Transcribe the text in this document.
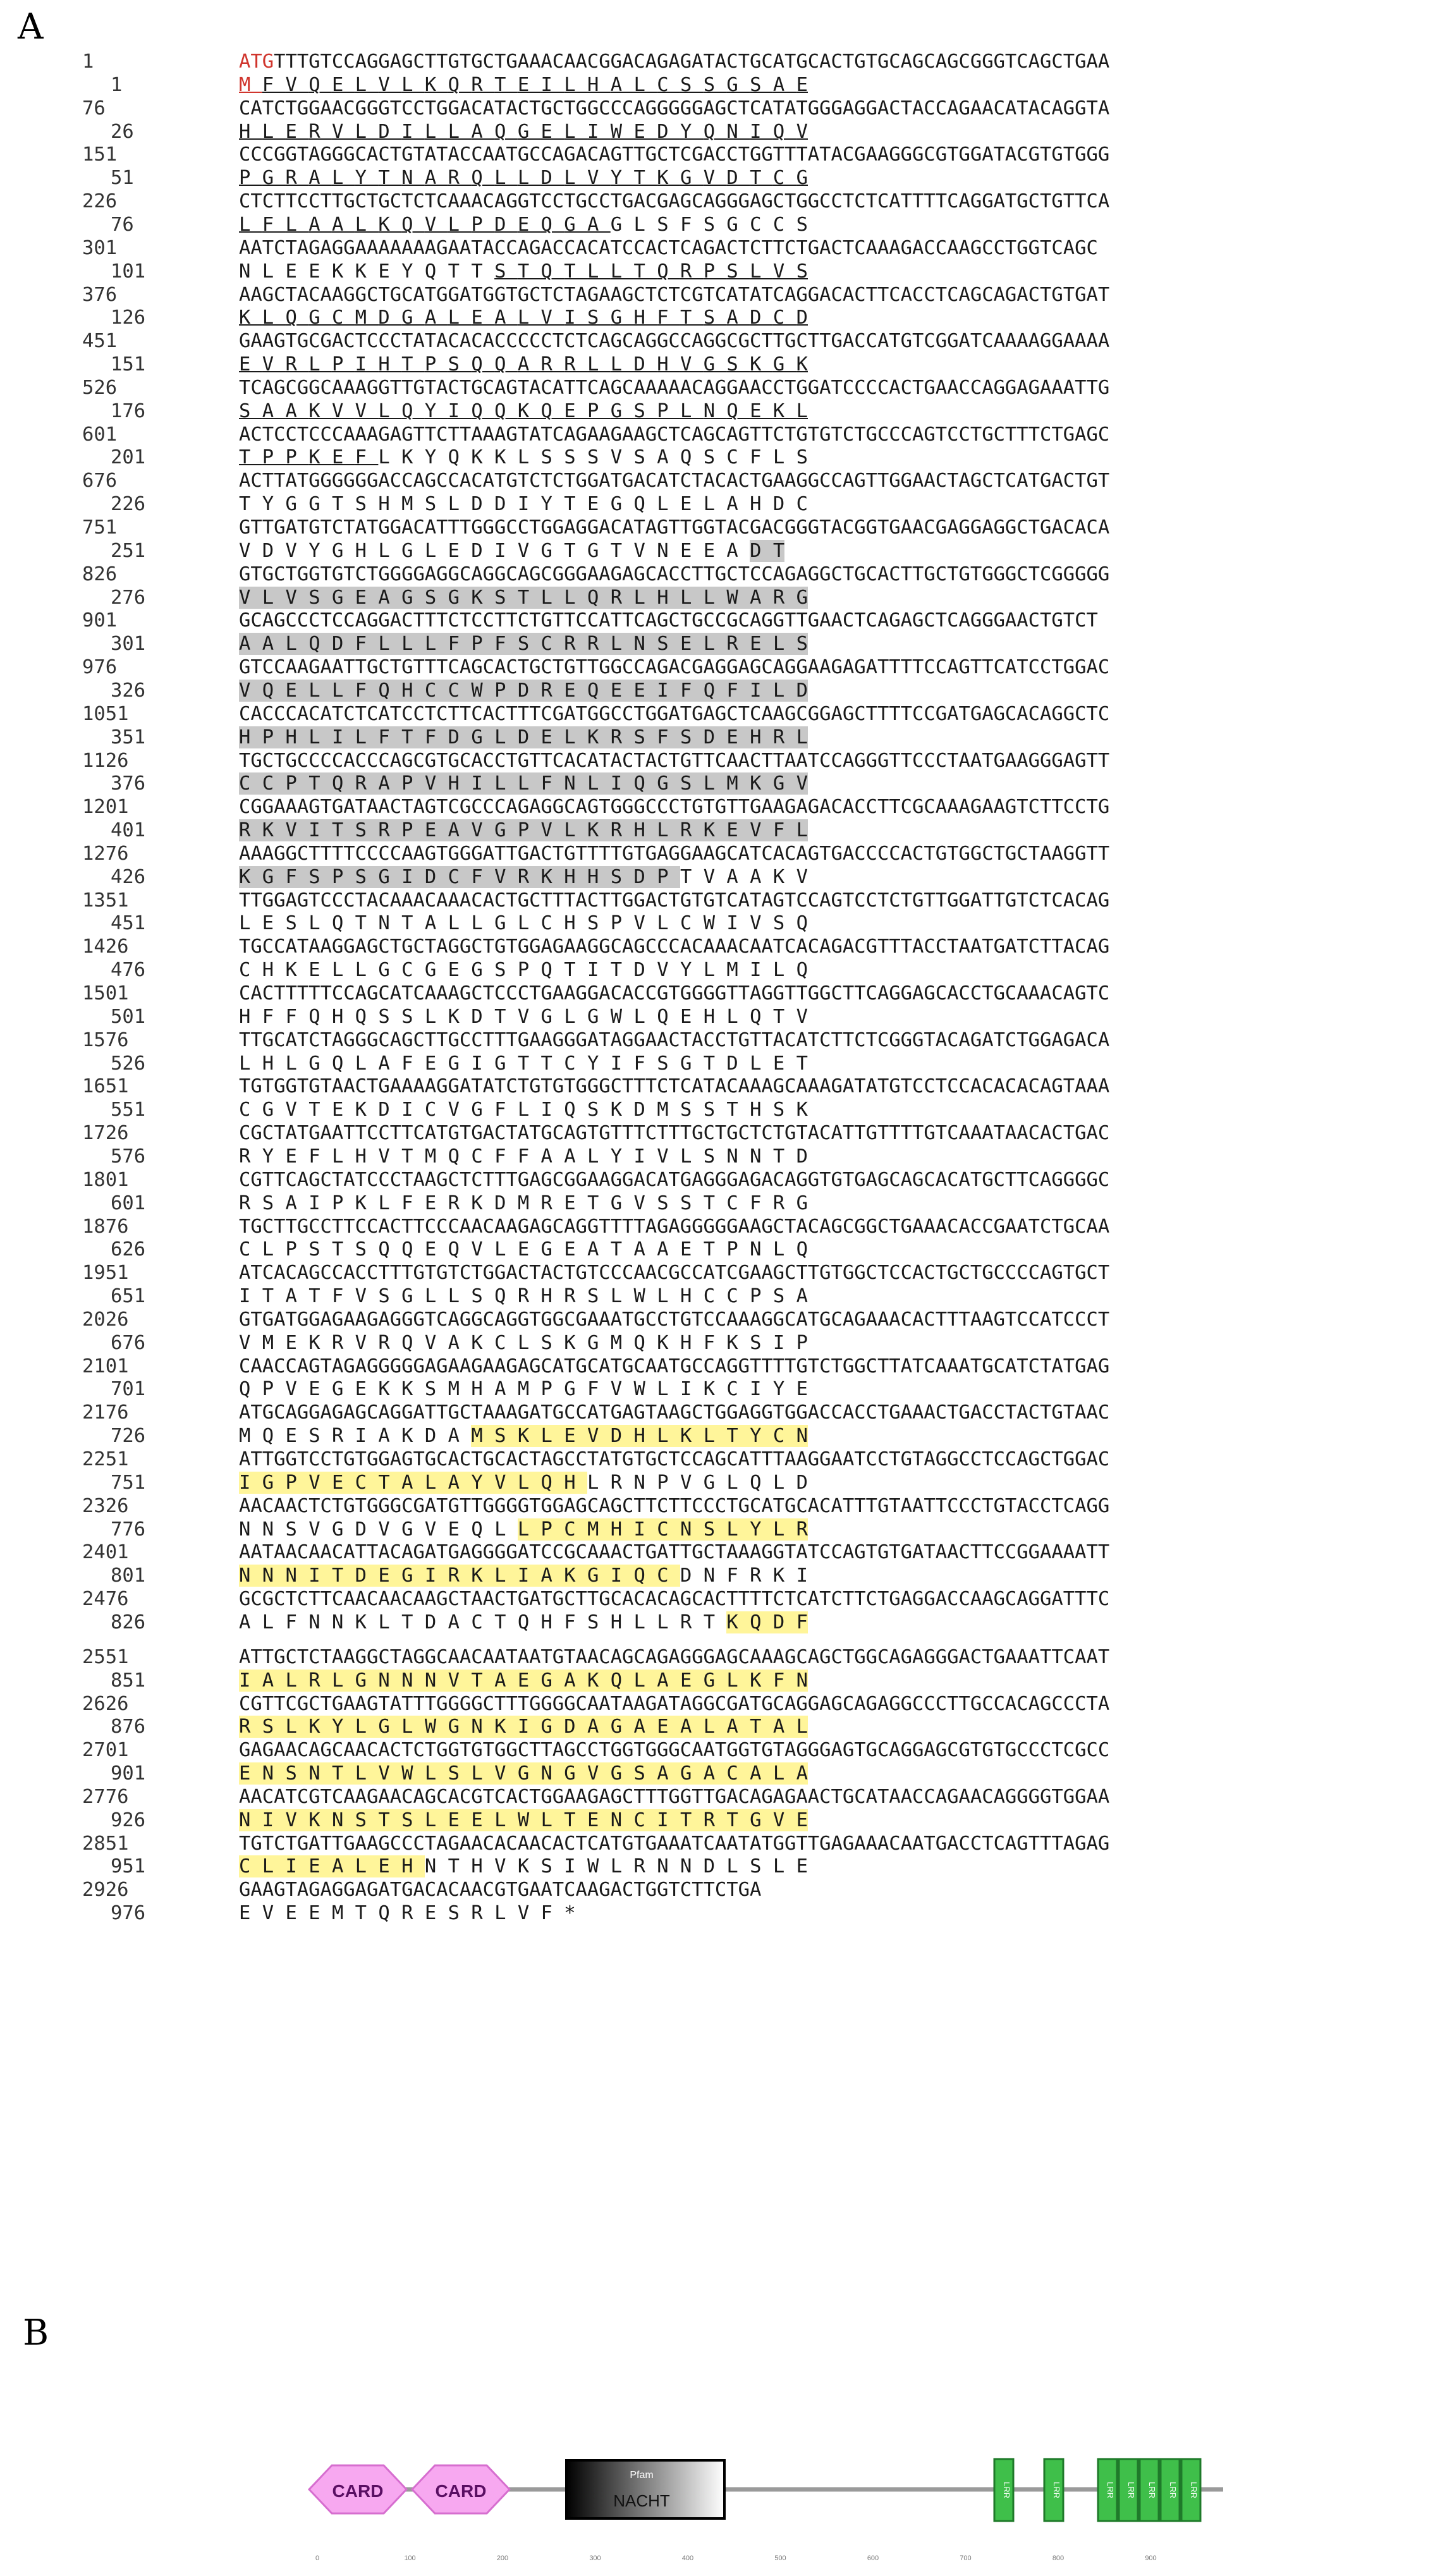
A
1	ATGTTTGTCCAGGAGCTTGTGCTGAAACAACGGACAGAGATACTGCATGCACTGTGCAGCAGCGGGTCAGCTGAA
1	M F V Q E L V L K Q R T E I L H A L C S S G S A E
76	CATCTGGAACGGGTCCTGGACATACTGCTGGCCCAGGGGGAGCTCATATGGGAGGACTACCAGAACATACAGGTA
26	H L E R V L D I L L A Q G E L I W E D Y Q N I Q V
151	CCCGGTAGGGCACTGTATACCAATGCCAGACAGTTGCTCGACCTGGTTTATACGAAGGGCGTGGATACGTGTGGG
51	P G R A L Y T N A R Q L L D L V Y T K G V D T C G
226	CTCTTCCTTGCTGCTCTCAAACAGGTCCTGCCTGACGAGCAGGGAGCTGGCCTCTCATTTTCAGGATGCTGTTCA
76	L F L A A L K Q V L P D E Q G A G L S F S G C C S
301	AATCTAGAGGAAAAAAAGAATACCAGACCACATCCACTCAGACTCTTCTGACTCAAAGACCAAGCCTGGTCAGC
101	N L E E K K E Y Q T T S T Q T L L T Q R P S L V S
376	AAGCTACAAGGCTGCATGGATGGTGCTCTAGAAGCTCTCGTCATATCAGGACACTTCACCTCAGCAGACTGTGAT
126	K L Q G C M D G A L E A L V I S G H F T S A D C D
451	GAAGTGCGACTCCCTATACACACCCCCTCTCAGCAGGCCAGGCGCTTGCTTGACCATGTCGGATCAAAAGGAAAA
151	E V R L P I H T P S Q Q A R R L L D H V G S K G K
526	TCAGCGGCAAAGGTTGTACTGCAGTACATTCAGCAAAAACAGGAACCTGGATCCCCACTGAACCAGGAGAAATTG
176	S A A K V V L Q Y I Q Q K Q E P G S P L N Q E K L
601	ACTCCTCCCAAAGAGTTCTTAAAGTATCAGAAGAAGCTCAGCAGTTCTGTGTCTGCCCAGTCCTGCTTTCTGAGC
201	T P P K E F L K Y Q K K L S S S V S A Q S C F L S
676	ACTTATGGGGGGACCAGCCACATGTCTCTGGATGACATCTACACTGAAGGCCAGTTGGAACTAGCTCATGACTGT
226	T Y G G T S H M S L D D I Y T E G Q L E L A H D C
751	GTTGATGTCTATGGACATTTGGGCCTGGAGGACATAGTTGGTACGACGGGTACGGTGAACGAGGAGGCTGACACA
251	V D V Y G H L G L E D I V G T G T V N E E A D T
826	GTGCTGGTGTCTGGGGAGGCAGGCAGCGGGAAGAGCACCTTGCTCCAGAGGCTGCACTTGCTGTGGGCTCGGGGG
276	V L V S G E A G S G K S T L L Q R L H L L W A R G
901	GCAGCCCTCCAGGACTTTCTCCTTCTGTTCCATTCAGCTGCCGCAGGTTGAACTCAGAGCTCAGGGAACTGTCT
301	A A L Q D F L L L F P F S C R R L N S E L R E L S
976	GTCCAAGAATTGCTGTTTCAGCACTGCTGTTGGCCAGACGAGGAGCAGGAAGAGATTTTCCAGTTCATCCTGGAC
326	V Q E L L F Q H C C W P D R E Q E E I F Q F I L D
1051	CACCCACATCTCATCCTCTTCACTTTCGATGGCCTGGATGAGCTCAAGCGGAGCTTTTCCGATGAGCACAGGCTC
351	H P H L I L F T F D G L D E L K R S F S D E H R L
1126	TGCTGCCCCACCCAGCGTGCACCTGTTCACATACTACTGTTCAACTTAATCCAGGGTTCCCTAATGAAGGGAGTT
376	C C P T Q R A P V H I L L F N L I Q G S L M K G V
1201	CGGAAAGTGATAACTAGTCGCCCAGAGGCAGTGGGCCCTGTGTTGAAGAGACACCTTCGCAAAGAAGTCTTCCTG
401	R K V I T S R P E A V G P V L K R H L R K E V F L
1276	AAAGGCTTTTCCCCAAGTGGGATTGACTGTTTTGTGAGGAAGCATCACAGTGACCCCACTGTGGCTGCTAAGGTT
426	K G F S P S G I D C F V R K H H S D P T V A A K V
1351	TTGGAGTCCCTACAAACAAACACTGCTTTACTTGGACTGTGTCATAGTCCAGTCCTCTGTTGGATTGTCTCACAG
451	L E S L Q T N T A L L G L C H S P V L C W I V S Q
1426	TGCCATAAGGAGCTGCTAGGCTGTGGAGAAGGCAGCCCACAAACAATCACAGACGTTTACCTAATGATCTTACAG
476	C H K E L L G C G E G S P Q T I T D V Y L M I L Q
1501	CACTTTTTCCAGCATCAAAGCTCCCTGAAGGACACCGTGGGGTTAGGTTGGCTTCAGGAGCACCTGCAAACAGTC
501	H F F Q H Q S S L K D T V G L G W L Q E H L Q T V
1576	TTGCATCTAGGGCAGCTTGCCTTTGAAGGGATAGGAACTACCTGTTACATCTTCTCGGGTACAGATCTGGAGACA
526	L H L G Q L A F E G I G T T C Y I F S G T D L E T
1651	TGTGGTGTAACTGAAAAGGATATCTGTGTGGGCTTTCTCATACAAAGCAAAGATATGTCCTCCACACACAGTAAA
551	C G V T E K D I C V G F L I Q S K D M S S T H S K
1726	CGCTATGAATTCCTTCATGTGACTATGCAGTGTTTCTTTGCTGCTCTGTACATTGTTTTGTCAAATAACACTGAC
576	R Y E F L H V T M Q C F F A A L Y I V L S N N T D
1801	CGTTCAGCTATCCCTAAGCTCTTTGAGCGGAAGGACATGAGGGAGACAGGTGTGAGCAGCACATGCTTCAGGGGC
601	R S A I P K L F E R K D M R E T G V S S T C F R G
1876	TGCTTGCCTTCCACTTCCCAACAAGAGCAGGTTTTAGAGGGGGAAGCTACAGCGGCTGAAACACCGAATCTGCAA
626	C L P S T S Q Q E Q V L E G E A T A A E T P N L Q
1951	ATCACAGCCACCTTTGTGTCTGGACTACTGTCCCAACGCCATCGAAGCTTGTGGCTCCACTGCTGCCCCAGTGCT
651	I T A T F V S G L L S Q R H R S L W L H C C P S A
2026	GTGATGGAGAAGAGGGTCAGGCAGGTGGCGAAATGCCTGTCCAAAGGCATGCAGAAACACTTTAAGTCCATCCCT
676	V M E K R V R Q V A K C L S K G M Q K H F K S I P
2101	CAACCAGTAGAGGGGGAGAAGAAGAGCATGCATGCAATGCCAGGTTTTGTCTGGCTTATCAAATGCATCTATGAG
701	Q P V E G E K K S M H A M P G F V W L I K C I Y E
2176	ATGCAGGAGAGCAGGATTGCTAAAGATGCCATGAGTAAGCTGGAGGTGGACCACCTGAAACTGACCTACTGTAAC
726	M Q E S R I A K D A M S K L E V D H L K L T Y C N
2251	ATTGGTCCTGTGGAGTGCACTGCACTAGCCTATGTGCTCCAGCATTTAAGGAATCCTGTAGGCCTCCAGCTGGAC
751	I G P V E C T A L A Y V L Q H L R N P V G L Q L D
2326	AACAACTCTGTGGGCGATGTTGGGGTGGAGCAGCTTCTTCCCTGCATGCACATTTGTAATTCCCTGTACCTCAGG
776	N N S V G D V G V E Q L L P C M H I C N S L Y L R
2401	AATAACAACATTACAGATGAGGGGATCCGCAAACTGATTGCTAAAGGTATCCAGTGTGATAACTTCCGGAAAATT
801	N N N I T D E G I R K L I A K G I Q C D N F R K I
2476	GCGCTCTTCAACAACAAGCTAACTGATGCTTGCACACAGCACTTTTCTCATCTTCTGAGGACCAAGCAGGATTTC
826	A L F N N K L T D A C T Q H F S H L L R T K Q D F
2551	ATTGCTCTAAGGCTAGGCAACAATAATGTAACAGCAGAGGGAGCAAAGCAGCTGGCAGAGGGACTGAAATTCAAT
851	I A L R L G N N N V T A E G A K Q L A E G L K F N
2626	CGTTCGCTGAAGTATTTGGGGCTTTGGGGCAATAAGATAGGCGATGCAGGAGCAGAGGCCCTTGCCACAGCCCTA
876	R S L K Y L G L W G N K I G D A G A E A L A T A L
2701	GAGAACAGCAACACTCTGGTGTGGCTTAGCCTGGTGGGCAATGGTGTAGGGAGTGCAGGAGCGTGTGCCCTCGCC
901	E N S N T L V W L S L V G N G V G S A G A C A L A
2776	AACATCGTCAAGAACAGCACGTCACTGGAAGAGCTTTGGTTGACAGAGAACTGCATAACCAGAACAGGGGTGGAA
926	N I V K N S T S L E E L W L T E N C I T R T G V E
2851	TGTCTGATTGAAGCCCTAGAACACAACACTCATGTGAAATCAATATGGTTGAGAAACAATGACCTCAGTTTAGAG
951	C L I E A L E H N T H V K S I W L R N N D L S L E
2926	GAAGTAGAGGAGATGACACAACGTGAATCAAGACTGGTCTTCTGA
976	E V E E M T Q R E S R L V F *
B
CARD	CARD
Pfam
NACHT
LRR	LRR	LRR LRR LRR LRR LRR
0	100	200	300	400	500	600	700	800	900
